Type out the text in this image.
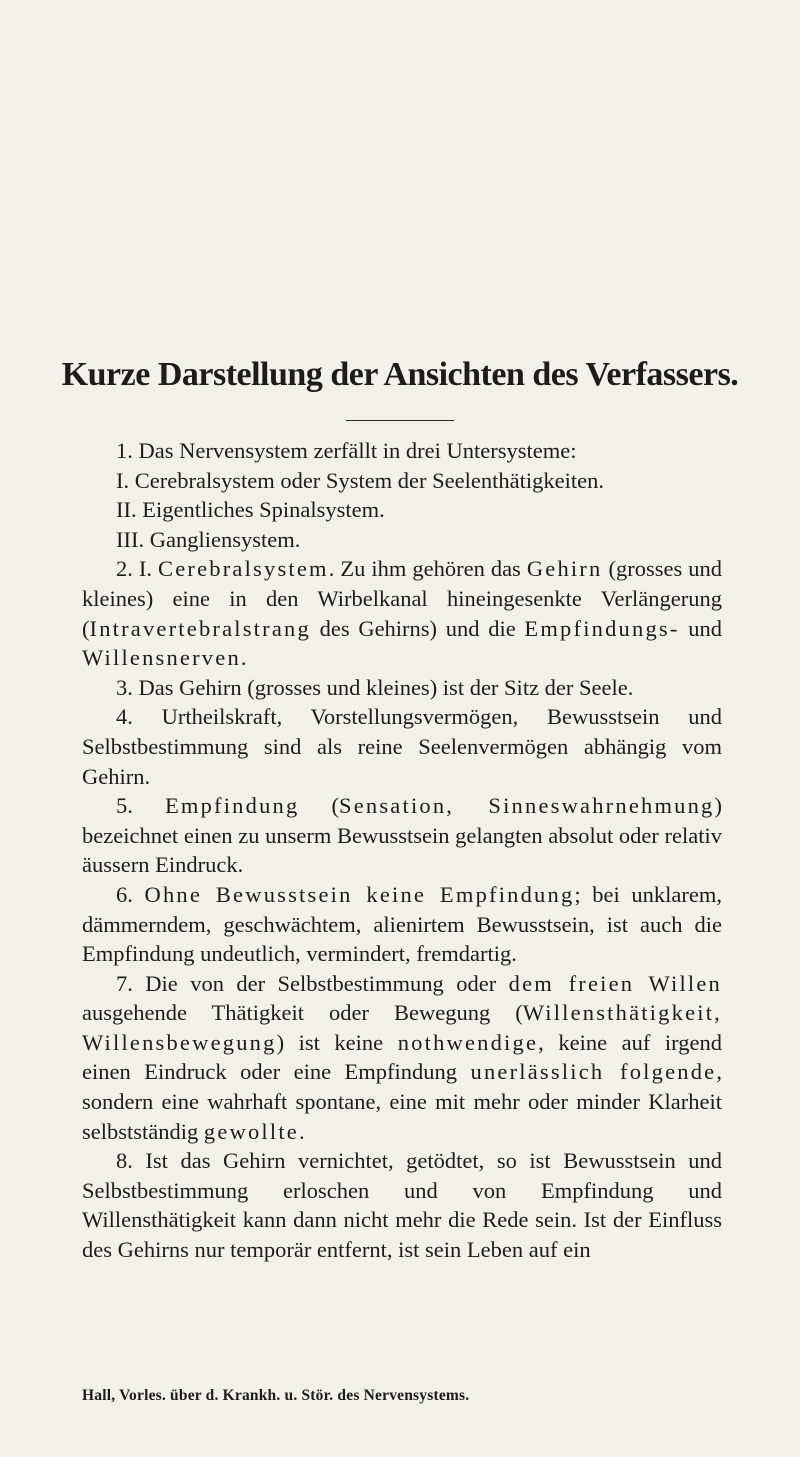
Kurze Darstellung der Ansichten des Verfassers.

1. Das Nervensystem zerfällt in drei Untersysteme:

I. Cerebralsystem oder System der Seelenthätigkeiten.

II. Eigentliches Spinalsystem.

III. Gangliensystem.

2. I. Cerebralsystem. Zu ihm gehören das Gehirn (grosses und kleines) eine in den Wirbelkanal hineingesenkte Verlängerung (Intravertebralstrang des Gehirns) und die Empfindungs- und Willensnerven.

3. Das Gehirn (grosses und kleines) ist der Sitz der Seele.

4. Urtheilskraft, Vorstellungsvermögen, Bewusstsein und Selbstbestimmung sind als reine Seelenvermögen abhängig vom Gehirn.

5. Empfindung (Sensation, Sinneswahrnehmung) bezeichnet einen zu unserm Bewusstsein gelangten absolut oder relativ äussern Eindruck.

6. Ohne Bewusstsein keine Empfindung; bei unklarem, dämmerndem, geschwächtem, alienirtem Bewusstsein, ist auch die Empfindung undeutlich, vermindert, fremdartig.

7. Die von der Selbstbestimmung oder dem freien Willen ausgehende Thätigkeit oder Bewegung (Willensthätigkeit, Willensbewegung) ist keine nothwendige, keine auf irgend einen Eindruck oder eine Empfindung unerlässlich folgende, sondern eine wahrhaft spontane, eine mit mehr oder minder Klarheit selbstständig gewollte.

8. Ist das Gehirn vernichtet, getödtet, so ist Bewusstsein und Selbstbestimmung erloschen und von Empfindung und Willensthätigkeit kann dann nicht mehr die Rede sein. Ist der Einfluss des Gehirns nur temporär entfernt, ist sein Leben auf ein

Hall, Vorles. über d. Krankh. u. Stör. des Nervensystems.
